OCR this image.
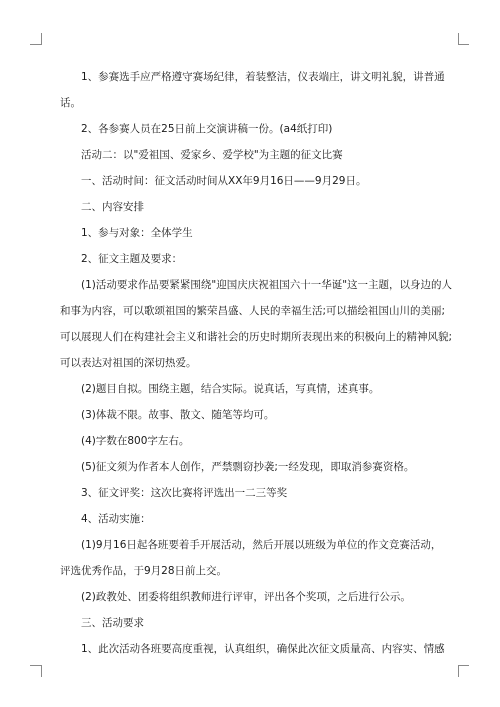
1、参赛选手应严格遵守赛场纪律，着装整洁，仪表端庄，讲文明礼貌，讲普通
话。
2、各参赛人员在25日前上交演讲稿一份。(a4纸打印)
活动二：以"爱祖国、爱家乡、爱学校"为主题的征文比赛
一、活动时间：征文活动时间从XX年9月16日——9月29日。
二、内容安排
1、参与对象：全体学生
2、征文主题及要求：
(1)活动要求作品要紧紧围绕"迎国庆庆祝祖国六十一华诞"这一主题，以身边的人
和事为内容，可以歌颂祖国的繁荣昌盛、人民的幸福生活;可以描绘祖国山川的美丽;
可以展现人们在构建社会主义和谐社会的历史时期所表现出来的积极向上的精神风貌;
可以表达对祖国的深切热爱。
(2)题目自拟。围绕主题，结合实际。说真话，写真情，述真事。
(3)体裁不限。故事、散文、随笔等均可。
(4)字数在800字左右。
(5)征文须为作者本人创作，严禁剽窃抄袭;一经发现，即取消参赛资格。
3、征文评奖：这次比赛将评选出一二三等奖
4、活动实施：
(1)9月16日起各班要着手开展活动，然后开展以班级为单位的作文竞赛活动，
评选优秀作品，于9月28日前上交。
(2)政教处、团委将组织教师进行评审，评出各个奖项，之后进行公示。
三、活动要求
1、此次活动各班要高度重视，认真组织，确保此次征文质量高、内容实、情感
